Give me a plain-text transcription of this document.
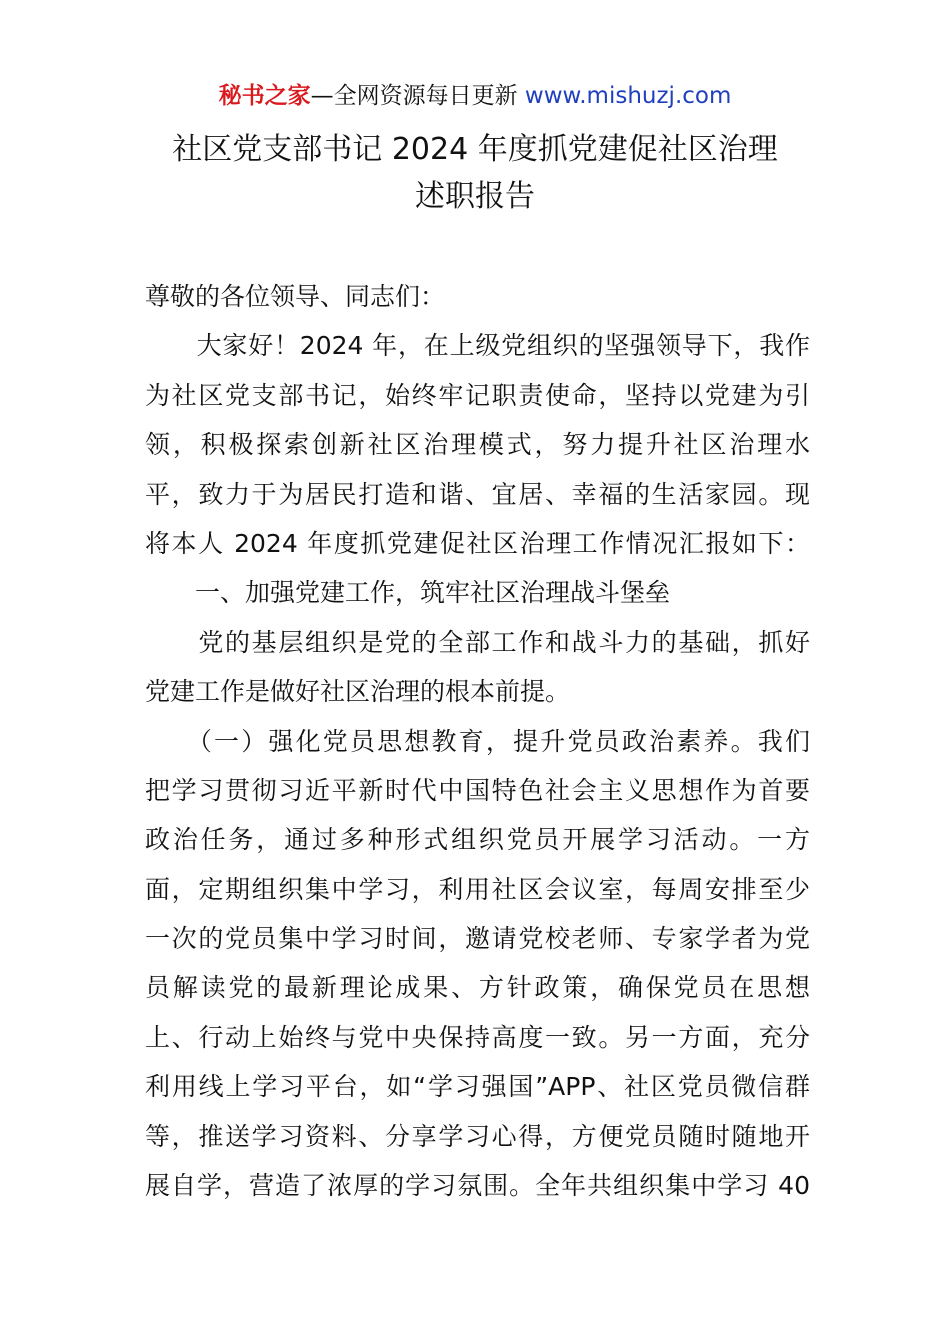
秘书之家—全网资源每日更新 www.mishuzj.com
社区党支部书记 2024 年度抓党建促社区治理
述职报告
尊敬的各位领导、同志们：
　　大家好！2024 年，在上级党组织的坚强领导下，我作
为社区党支部书记，始终牢记职责使命，坚持以党建为引
领，积极探索创新社区治理模式，努力提升社区治理水
平，致力于为居民打造和谐、宜居、幸福的生活家园。现
将本人 2024 年度抓党建促社区治理工作情况汇报如下：
　　一、加强党建工作，筑牢社区治理战斗堡垒
　　党的基层组织是党的全部工作和战斗力的基础，抓好
党建工作是做好社区治理的根本前提。
　　（一）强化党员思想教育，提升党员政治素养。我们
把学习贯彻习近平新时代中国特色社会主义思想作为首要
政治任务，通过多种形式组织党员开展学习活动。一方
面，定期组织集中学习，利用社区会议室，每周安排至少
一次的党员集中学习时间，邀请党校老师、专家学者为党
员解读党的最新理论成果、方针政策，确保党员在思想
上、行动上始终与党中央保持高度一致。另一方面，充分
利用线上学习平台，如“学习强国”APP、社区党员微信群
等，推送学习资料、分享学习心得，方便党员随时随地开
展自学，营造了浓厚的学习氛围。全年共组织集中学习 40
